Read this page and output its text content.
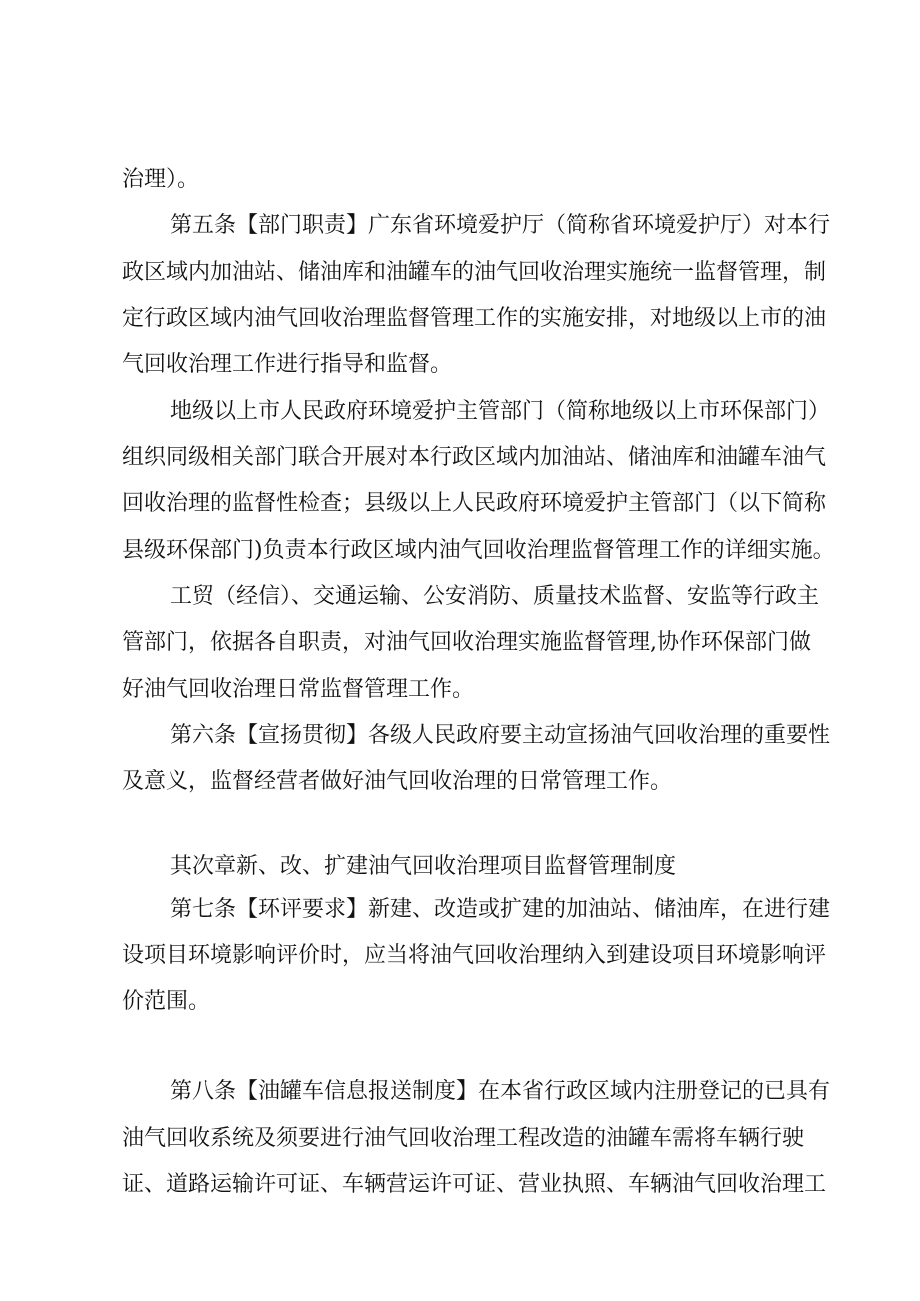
治理）。
第五条【部门职责】广东省环境爱护厅（简称省环境爱护厅）对本行
政区域内加油站、储油库和油罐车的油气回收治理实施统一监督管理，制
定行政区域内油气回收治理监督管理工作的实施安排，对地级以上市的油
气回收治理工作进行指导和监督。
地级以上市人民政府环境爱护主管部门（简称地级以上市环保部门）
组织同级相关部门联合开展对本行政区域内加油站、储油库和油罐车油气
回收治理的监督性检查；县级以上人民政府环境爱护主管部门（以下简称
县级环保部门)负责本行政区域内油气回收治理监督管理工作的详细实施。
工贸（经信）、交通运输、公安消防、质量技术监督、安监等行政主
管部门，依据各自职责，对油气回收治理实施监督管理,协作环保部门做
好油气回收治理日常监督管理工作。
第六条【宣扬贯彻】各级人民政府要主动宣扬油气回收治理的重要性
及意义，监督经营者做好油气回收治理的日常管理工作。
其次章新、改、扩建油气回收治理项目监督管理制度
第七条【环评要求】新建、改造或扩建的加油站、储油库，在进行建
设项目环境影响评价时，应当将油气回收治理纳入到建设项目环境影响评
价范围。
第八条【油罐车信息报送制度】在本省行政区域内注册登记的已具有
油气回收系统及须要进行油气回收治理工程改造的油罐车需将车辆行驶
证、道路运输许可证、车辆营运许可证、营业执照、车辆油气回收治理工
